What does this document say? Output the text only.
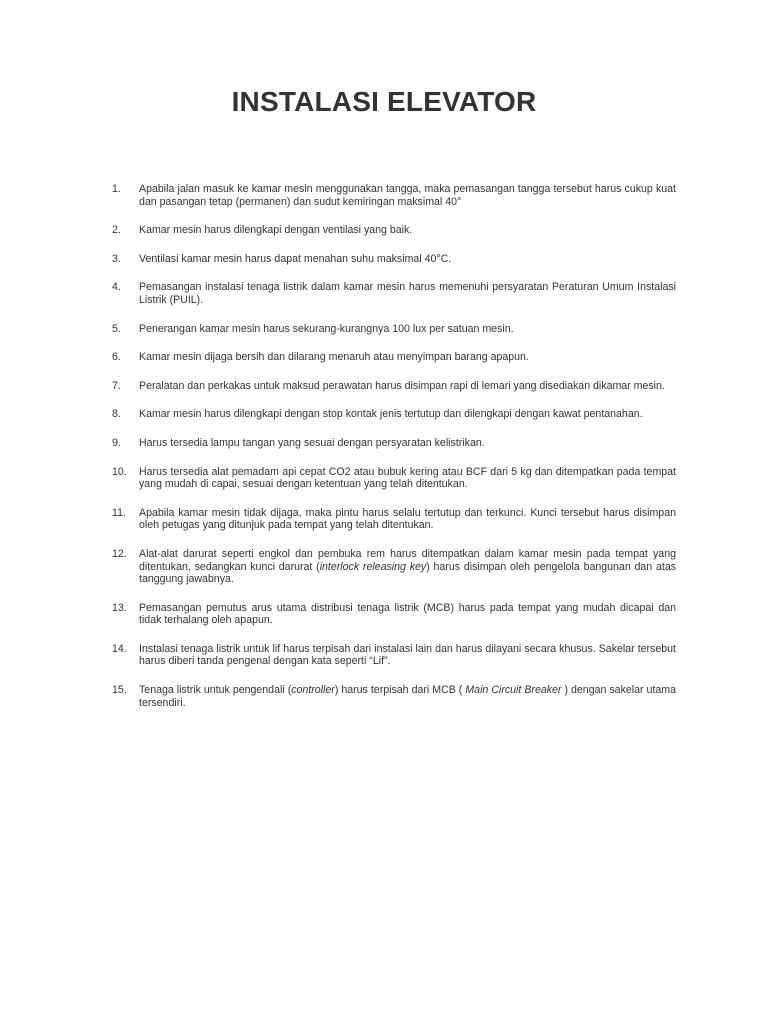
INSTALASI ELEVATOR
1.	Apabila jalan masuk ke kamar mesin menggunakan tangga, maka pemasangan tangga tersebut harus cukup kuat dan pasangan tetap (permanen) dan sudut kemiringan maksimal 40°
2.	Kamar mesin harus dilengkapi dengan ventilasi yang baik.
3.	Ventilasi kamar mesin harus dapat menahan suhu maksimal 40°C.
4.	Pemasangan instalasi tenaga listrik dalam kamar mesin harus memenuhi persyaratan Peraturan Umum Instalasi Listrik (PUIL).
5.	Penerangan kamar mesin harus sekurang-kurangnya 100 lux per satuan mesin.
6.	Kamar mesin dijaga bersih dan dilarang menaruh atau menyimpan barang apapun.
7.	Peralatan dan perkakas untuk maksud perawatan harus disimpan rapi di lemari yang disediakan dikamar mesin.
8.	Kamar mesin harus dilengkapi dengan stop kontak jenis tertutup dan dilengkapi dengan kawat pentanahan.
9.	Harus tersedia lampu tangan yang sesuai dengan persyaratan kelistrikan.
10.	Harus tersedia alat pemadam api cepat CO2 atau bubuk kering atau BCF dari 5 kg dan ditempatkan pada tempat yang mudah di capai, sesuai dengan ketentuan yang telah ditentukan.
11.	Apabila kamar mesin tidak dijaga, maka pintu harus selalu tertutup dan terkunci. Kunci tersebut harus disimpan oleh petugas yang ditunjuk pada tempat yang telah ditentukan.
12.	Alat-alat darurat seperti engkol dan pembuka rem harus ditempatkan dalam kamar mesin pada tempat yang ditentukan, sedangkan kunci darurat (interlock releasing key) harus disimpan oleh pengelola bangunan dan atas tanggung jawabnya.
13.	Pemasangan pemutus arus utama distribusi tenaga listrik (MCB) harus pada tempat yang mudah dicapai dan tidak terhalang oleh apapun.
14.	Instalasi tenaga listrik untuk lif harus terpisah dari instalasi lain dan harus dilayani secara khusus. Sakelar tersebut harus diberi tanda pengenal dengan kata seperti “Lif”.
15.	Tenaga listrik untuk pengendali (controller) harus terpisah dari MCB ( Main Circuit Breaker ) dengan sakelar utama tersendiri.
